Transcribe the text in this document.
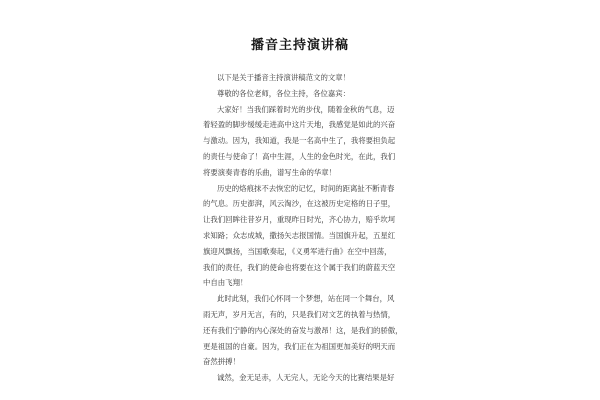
播音主持演讲稿
以下是关于播音主持演讲稿范文的文章！
尊敬的各位老师，各位主持，各位嘉宾：
大家好！当我们踩着时光的步伐，随着金秋的气息，迈
着轻盈的脚步缓缓走进高中这片天地，我感觉是如此的兴奋
与激动。因为，我知道，我是一名高中生了，我将要担负起
的责任与使命了！高中生涯，人生的金色时光，在此，我们
将要演奏青春的乐曲，谱写生命的华章！
历史的烙痕抹不去恢宏的记忆，时间的距离扯不断青春
的气息。历史澎湃，风云淘沙，在这被历史定格的日子里，
让我们回眸往昔岁月，重现昨日时光，齐心协力，赔乎坎坷
求知路；众志成城，撒扬矢志报国情。当国旗升起，五星红
旗迎风飘扬，当国歌奏起，《义勇军进行曲》在空中回荡，
我们的责任，我们的使命也将要在这个属于我们的蔚蓝天空
中自由飞翔！
此时此刻，我们心怀同一个梦想，站在同一个舞台，风
雨无声，岁月无言，有的，只是我们对文艺的执着与热情，
还有我们宁静的内心深处的奋发与激昂！这，是我们的骄傲，
更是祖国的自豪。因为，我们正在为祖国更加美好的明天而
奋然拼搏！
诚然，金无足赤，人无完人，无论今天的比赛结果是好
